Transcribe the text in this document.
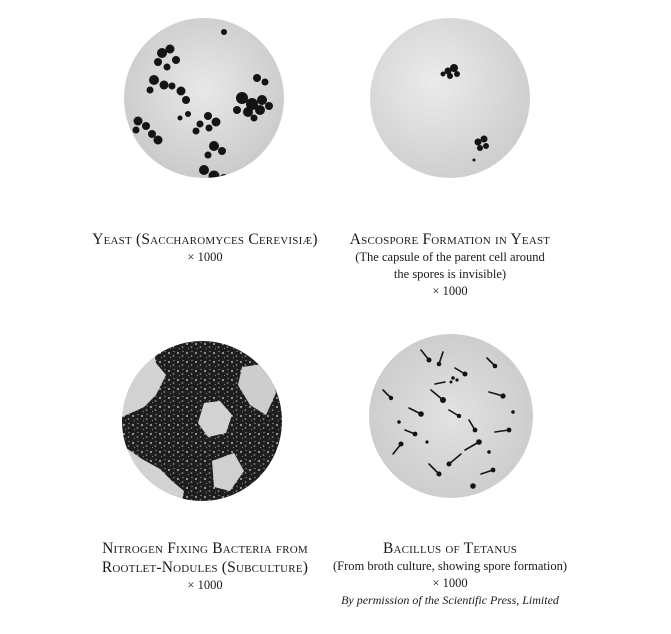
Yeast (Saccharomyces Cerevisiæ)
× 1000
Ascospore Formation in Yeast
(The capsule of the parent cell around
the spores is invisible)
× 1000
Nitrogen Fixing Bacteria from
Rootlet-Nodules (Subculture)
× 1000
Bacillus of Tetanus
(From broth culture, showing spore formation)
× 1000
By permission of the Scientific Press, Limited
